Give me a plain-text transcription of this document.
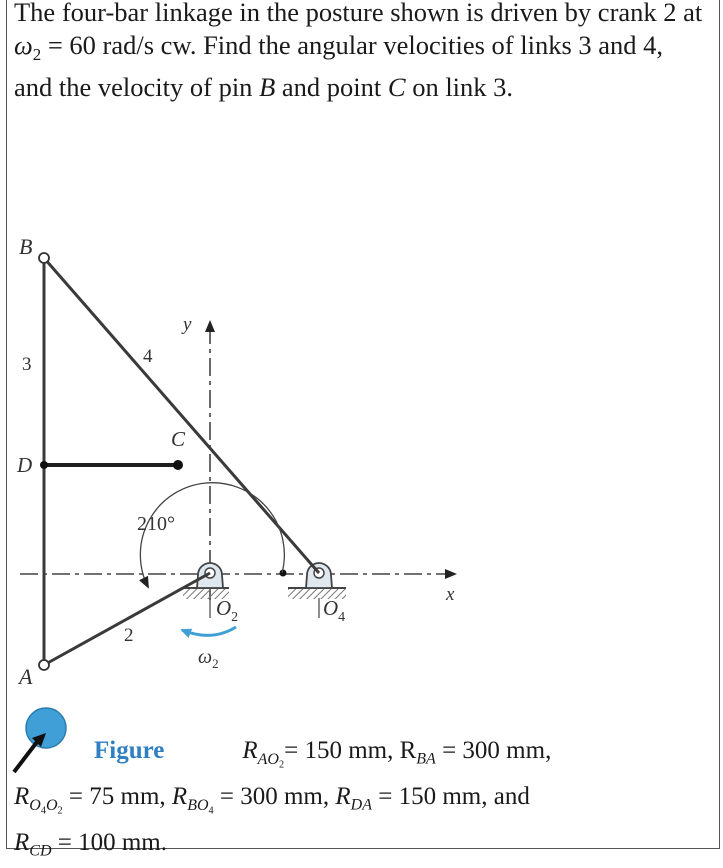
The four-bar linkage in the posture shown is driven by crank 2 at $\omega_2 = 60$ rad/s cw. Find the angular velocities of links 3 and 4, and the velocity of pin B and point C on link 3.

B
3	4
y
C
D
210°
x
$O_2$	$O_4$
2
$\omega_2$
A
Figure	$R_{AO_2}= 150$ mm, $R_{BA} = 300$ mm,
$R_{O_4O_2} = 75$ mm, $R_{BO_4} = 300$ mm, $R_{DA} = 150$ mm, and
$R_{CD} = 100$ mm.
